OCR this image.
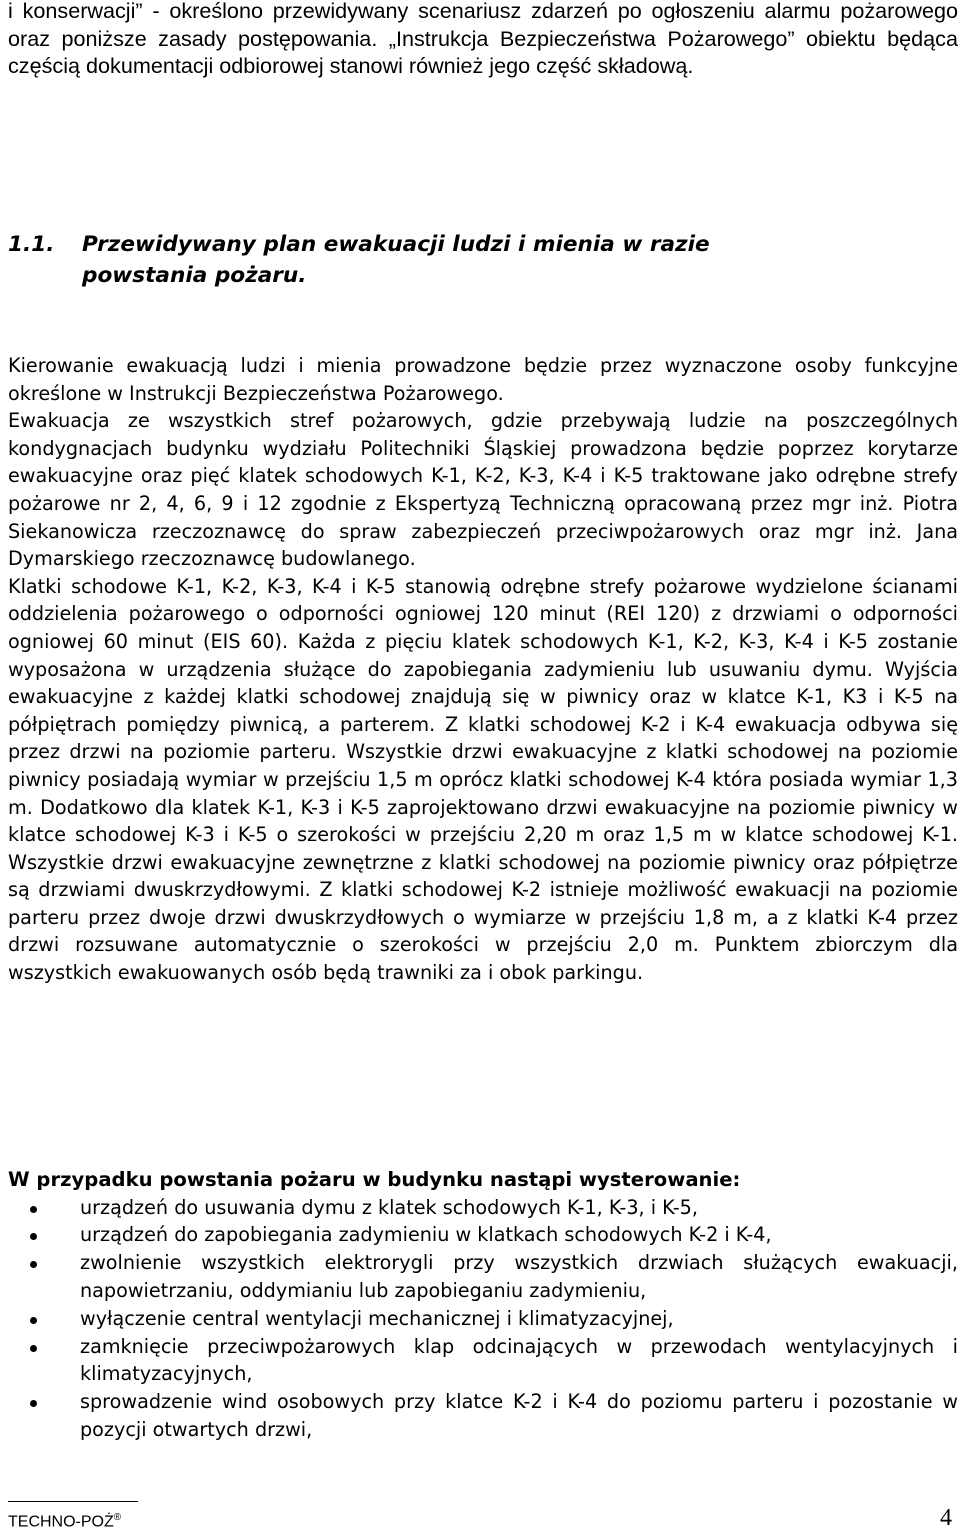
i konserwacji” - określono przewidywany scenariusz zdarzeń po ogłoszeniu alarmu pożarowego oraz poniższe zasady postępowania. „Instrukcja Bezpieczeństwa Pożarowego” obiektu będąca częścią dokumentacji odbiorowej stanowi również jego część składową.

1.1. Przewidywany plan ewakuacji ludzi i mienia w razie
powstania pożaru.

Kierowanie ewakuacją ludzi i mienia prowadzone będzie przez wyznaczone osoby funkcyjne określone w Instrukcji Bezpieczeństwa Pożarowego.

Ewakuacja ze wszystkich stref pożarowych, gdzie przebywają ludzie na poszczególnych kondygnacjach budynku wydziału Politechniki Śląskiej prowadzona będzie poprzez korytarze ewakuacyjne oraz pięć klatek schodowych K-1, K-2, K-3, K-4 i K-5 traktowane jako odrębne strefy pożarowe nr 2, 4, 6, 9 i 12 zgodnie z Ekspertyzą Techniczną opracowaną przez mgr inż. Piotra Siekanowicza rzeczoznawcę do spraw zabezpieczeń przeciwpożarowych oraz mgr inż. Jana Dymarskiego rzeczoznawcę budowlanego.

Klatki schodowe K-1, K-2, K-3, K-4 i K-5 stanowią odrębne strefy pożarowe wydzielone ścianami oddzielenia pożarowego o odporności ogniowej 120 minut (REI 120) z drzwiami o odporności ogniowej 60 minut (EIS 60). Każda z pięciu klatek schodowych K-1, K-2, K-3, K-4 i K-5 zostanie wyposażona w urządzenia służące do zapobiegania zadymieniu lub usuwaniu dymu. Wyjścia ewakuacyjne z każdej klatki schodowej znajdują się w piwnicy oraz w klatce K-1, K3 i K-5 na półpiętrach pomiędzy piwnicą, a parterem. Z klatki schodowej K-2 i K-4 ewakuacja odbywa się przez drzwi na poziomie parteru. Wszystkie drzwi ewakuacyjne z klatki schodowej na poziomie piwnicy posiadają wymiar w przejściu 1,5 m oprócz klatki schodowej K-4 która posiada wymiar 1,3 m. Dodatkowo dla klatek K-1, K-3 i K-5 zaprojektowano drzwi ewakuacyjne na poziomie piwnicy w klatce schodowej K-3 i K-5 o szerokości w przejściu 2,20 m oraz 1,5 m w klatce schodowej K-1. Wszystkie drzwi ewakuacyjne zewnętrzne z klatki schodowej na poziomie piwnicy oraz półpiętrze są drzwiami dwuskrzydłowymi. Z klatki schodowej K-2 istnieje możliwość ewakuacji na poziomie parteru przez dwoje drzwi dwuskrzydłowych o wymiarze w przejściu 1,8 m, a z klatki K-4 przez drzwi rozsuwane automatycznie o szerokości w przejściu 2,0 m. Punktem zbiorczym dla wszystkich ewakuowanych osób będą trawniki za i obok parkingu.

W przypadku powstania pożaru w budynku nastąpi wysterowanie:

urządzeń do usuwania dymu z klatek schodowych K-1, K-3, i K-5,
urządzeń do zapobiegania zadymieniu w klatkach schodowych K-2 i K-4,
zwolnienie wszystkich elektrorygli przy wszystkich drzwiach służących ewakuacji, napowietrzaniu, oddymianiu lub zapobieganiu zadymieniu,
wyłączenie central wentylacji mechanicznej i klimatyzacyjnej,
zamknięcie przeciwpożarowych klap odcinających w przewodach wentylacyjnych i klimatyzacyjnych,
sprowadzenie wind osobowych przy klatce K-2 i K-4 do poziomu parteru i pozostanie w pozycji otwartych drzwi,
TECHNO-POŻ®	4
